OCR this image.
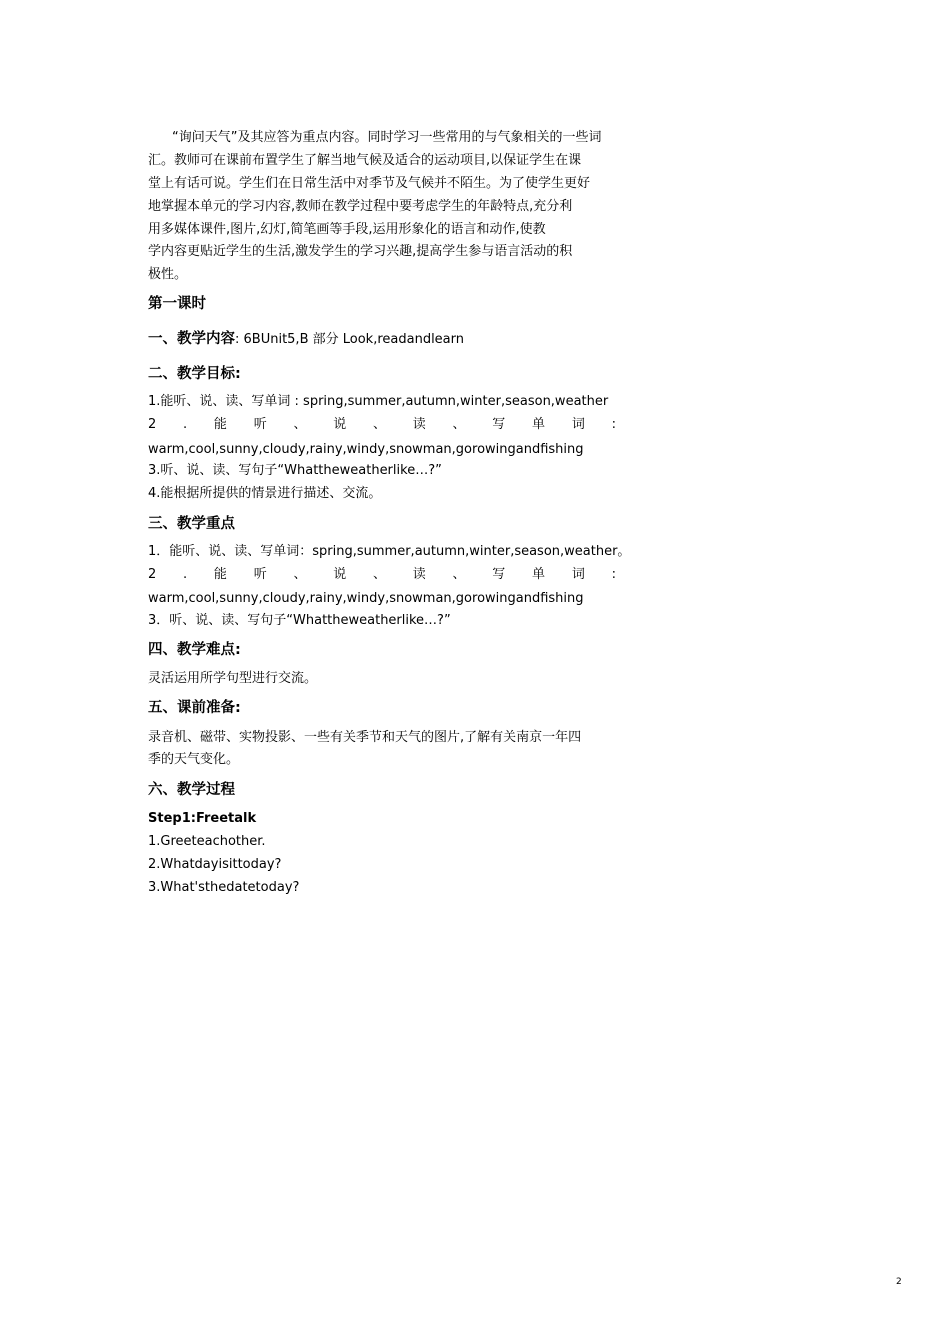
“询问天气”及其应答为重点内容。同时学习一些常用的与气象相关的一些词
汇。教师可在课前布置学生了解当地气候及适合的运动项目,以保证学生在课
堂上有话可说。学生们在日常生活中对季节及气候并不陌生。为了使学生更好
地掌握本单元的学习内容,教师在教学过程中要考虑学生的年龄特点,充分利
用多媒体课件,图片,幻灯,简笔画等手段,运用形象化的语言和动作,使教
学内容更贴近学生的生活,激发学生的学习兴趣,提高学生参与语言活动的积
极性。
第一课时
一、教学内容: 6BUnit5,B 部分 Look,readandlearn
二、教学目标:
1.能听、说、读、写单词 : spring,summer,autumn,winter,season,weather
2 . 能 听 、 说 、 读 、 写 单 词 :
warm,cool,sunny,cloudy,rainy,windy,snowman,gorowingandfishing
3.听、说、读、写句子“Whattheweatherlike…?”
4.能根据所提供的情景进行描述、交流。
三、教学重点
1．能听、说、读、写单词：spring,summer,autumn,winter,season,weather。
2 . 能 听 、 说 、 读 、 写 单 词 :
warm,cool,sunny,cloudy,rainy,windy,snowman,gorowingandfishing
3．听、说、读、写句子“Whattheweatherlike…?”
四、教学难点:
灵活运用所学句型进行交流。
五、课前准备:
录音机、磁带、实物投影、一些有关季节和天气的图片,了解有关南京一年四
季的天气变化。
六、教学过程
Step1:Freetalk
1.Greeteachother.
2.Whatdayisittoday?
3.What'sthedatetoday?
2
